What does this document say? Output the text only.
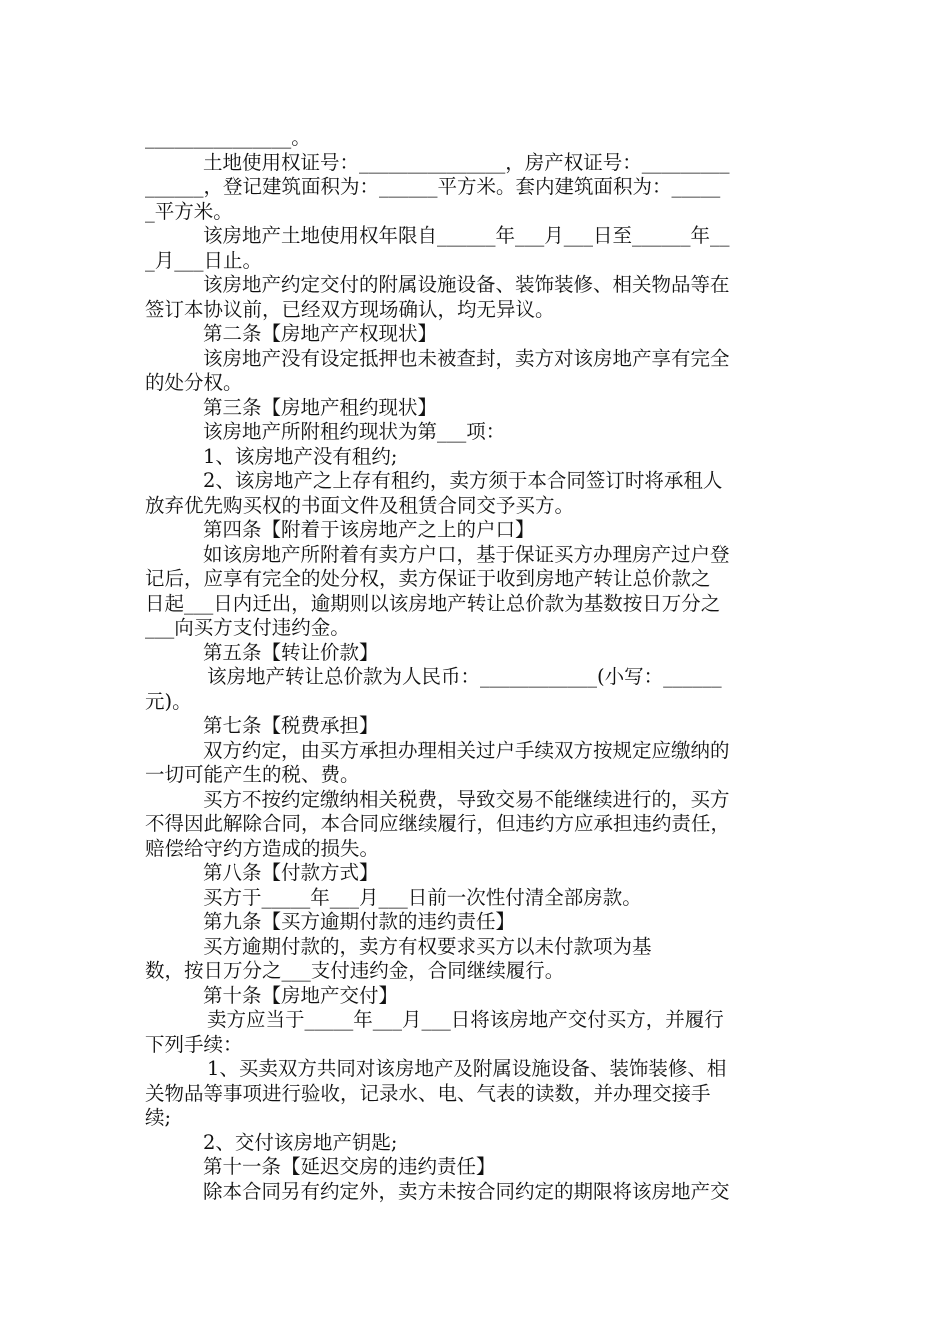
_______________。
土地使用权证号：_______________，房产权证号：_________
______，登记建筑面积为：______平方米。套内建筑面积为：_____
_平方米。
该房地产土地使用权年限自______年___月___日至______年__
_月___日止。
该房地产约定交付的附属设施设备、装饰装修、相关物品等在
签订本协议前，已经双方现场确认，均无异议。
第二条【房地产产权现状】
该房地产没有设定抵押也未被查封，卖方对该房地产享有完全
的处分权。
第三条【房地产租约现状】
该房地产所附租约现状为第___项：
1、该房地产没有租约;
2、该房地产之上存有租约，卖方须于本合同签订时将承租人
放弃优先购买权的书面文件及租赁合同交予买方。
第四条【附着于该房地产之上的户口】
如该房地产所附着有卖方户口，基于保证买方办理房产过户登
记后，应享有完全的处分权，卖方保证于收到房地产转让总价款之
日起___日内迁出，逾期则以该房地产转让总价款为基数按日万分之
___向买方支付违约金。
第五条【转让价款】
该房地产转让总价款为人民币：____________(小写：______
元)。
第七条【税费承担】
双方约定，由买方承担办理相关过户手续双方按规定应缴纳的
一切可能产生的税、费。
买方不按约定缴纳相关税费，导致交易不能继续进行的，买方
不得因此解除合同，本合同应继续履行，但违约方应承担违约责任，
赔偿给守约方造成的损失。
第八条【付款方式】
买方于_____年___月___日前一次性付清全部房款。
第九条【买方逾期付款的违约责任】
买方逾期付款的，卖方有权要求买方以未付款项为基
数，按日万分之___支付违约金，合同继续履行。
第十条【房地产交付】
卖方应当于_____年___月___日将该房地产交付买方，并履行
下列手续：
1、买卖双方共同对该房地产及附属设施设备、装饰装修、相
关物品等事项进行验收，记录水、电、气表的读数，并办理交接手
续;
2、交付该房地产钥匙;
第十一条【延迟交房的违约责任】
除本合同另有约定外，卖方未按合同约定的期限将该房地产交
